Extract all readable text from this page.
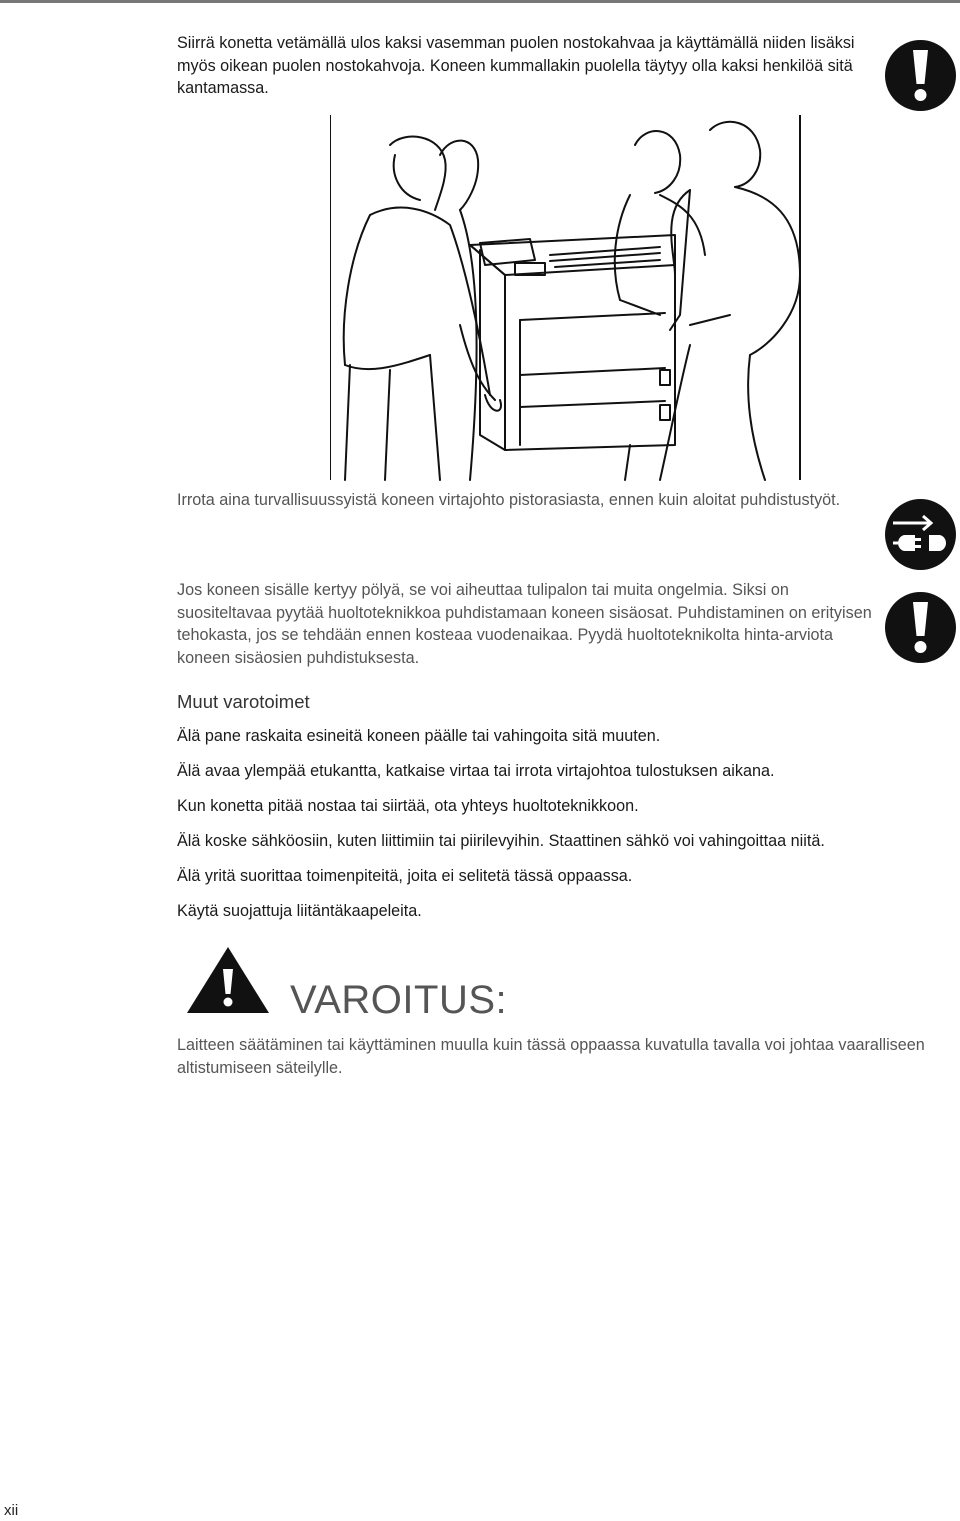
Siirrä konetta vetämällä ulos kaksi vasemman puolen nostokahvaa ja käyttämällä niiden lisäksi myös oikean puolen nostokahvoja. Koneen kummallakin puolella täytyy olla kaksi henkilöä sitä kantamassa.

Irrota aina turvallisuussyistä koneen virtajohto pistorasiasta, ennen kuin aloitat puhdistustyöt.

Jos koneen sisälle kertyy pölyä, se voi aiheuttaa tulipalon tai muita ongelmia. Siksi on suositeltavaa pyytää huoltoteknikkoa puhdistamaan koneen sisäosat. Puhdistaminen on erityisen tehokasta, jos se tehdään ennen kosteaa vuodenaikaa. Pyydä huoltoteknikolta hinta-arviota koneen sisäosien puhdistuksesta.

Muut varotoimet

Älä pane raskaita esineitä koneen päälle tai vahingoita sitä muuten.

Älä avaa ylempää etukantta, katkaise virtaa tai irrota virtajohtoa tulostuksen aikana.

Kun konetta pitää nostaa tai siirtää, ota yhteys huoltoteknikkoon.

Älä koske sähköosiin, kuten liittimiin tai piirilevyihin. Staattinen sähkö voi vahingoittaa niitä.

Älä yritä suorittaa toimenpiteitä, joita ei selitetä tässä oppaassa.

Käytä suojattuja liitäntäkaapeleita.

VAROITUS:

Laitteen säätäminen tai käyttäminen muulla kuin tässä oppaassa kuvatulla tavalla voi johtaa vaaralliseen altistumiseen säteilylle.

xii
